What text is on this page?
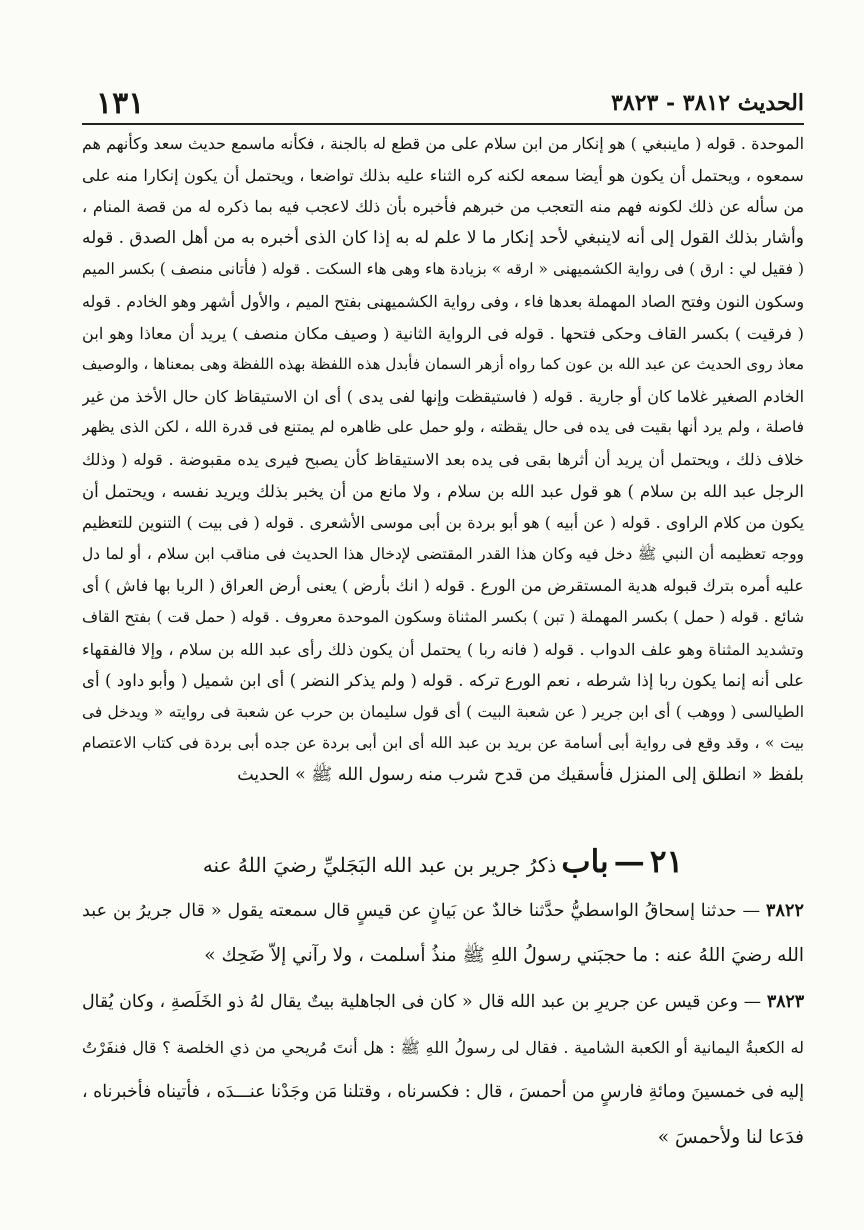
الحديث ٣٨١٢ - ٣٨٢٣
١٣١
الموحدة . قوله ( ماينبغي ) هو إنكار من ابن سلام على من قطع له بالجنة ، فكأنه ماسمع حديث سعد وكأنهم هم
سمعوه ، ويحتمل أن يكون هو أيضا سمعه لكنه كره الثناء عليه بذلك تواضعا ، ويحتمل أن يكون إنكارا منه على
من سأله عن ذلك لكونه فهم منه التعجب من خبرهم فأخبره بأن ذلك لاعجب فيه بما ذكره له من قصة المنام ،
وأشار بذلك القول إلى أنه لاينبغي لأحد إنكار ما لا علم له به إذا كان الذى أخبره به من أهل الصدق . قوله
( فقيل لي : ارق ) فى رواية الكشميهنى « ارقه » بزيادة هاء وهى هاء السكت . قوله ( فأتانى منصف ) بكسر الميم
وسكون النون وفتح الصاد المهملة بعدها فاء ، وفى رواية الكشميهنى بفتح الميم ، والأول أشهر وهو الخادم . قوله
( فرقيت ) بكسر القاف وحكى فتحها . قوله فى الرواية الثانية ( وصيف مكان منصف ) يريد أن معاذا وهو ابن
معاذ روى الحديث عن عبد الله بن عون كما رواه أزهر السمان فأبدل هذه اللفظة بهذه اللفظة وهى بمعناها ، والوصيف
الخادم الصغير غلاما كان أو جارية . قوله ( فاستيقظت وإنها لفى يدى ) أى ان الاستيقاظ كان حال الأخذ من غير
فاصلة ، ولم يرد أنها بقيت فى يده فى حال يقظته ، ولو حمل على ظاهره لم يمتنع فى قدرة الله ، لكن الذى يظهر
خلاف ذلك ، ويحتمل أن يريد أن أثرها بقى فى يده بعد الاستيقاظ كأن يصبح فيرى يده مقبوضة . قوله ( وذلك
الرجل عبد الله بن سلام ) هو قول عبد الله بن سلام ، ولا مانع من أن يخبر بذلك ويريد نفسه ، ويحتمل أن
يكون من كلام الراوى . قوله ( عن أبيه ) هو أبو بردة بن أبى موسى الأشعرى . قوله ( فى بيت ) التنوين للتعظيم
ووجه تعظيمه أن النبي ﷺ دخل فيه وكان هذا القدر المقتضى لإدخال هذا الحديث فى مناقب ابن سلام ، أو لما دل
عليه أمره بترك قبوله هدية المستقرض من الورع . قوله ( انك بأرض ) يعنى أرض العراق ( الربا بها فاش ) أى
شائع . قوله ( حمل ) بكسر المهملة ( تبن ) بكسر المثناة وسكون الموحدة معروف . قوله ( حمل قت ) بفتح القاف
وتشديد المثناة وهو علف الدواب . قوله ( فانه ربا ) يحتمل أن يكون ذلك رأى عبد الله بن سلام ، وإلا فالفقهاء
على أنه إنما يكون ربا إذا شرطه ، نعم الورع تركه . قوله ( ولم يذكر النضر ) أى ابن شميل ( وأبو داود ) أى
الطيالسى ( ووهب ) أى ابن جرير ( عن شعبة البيت ) أى قول سليمان بن حرب عن شعبة فى روايته « ويدخل فى
بيت » ، وقد وقع فى رواية أبى أسامة عن بريد بن عبد الله أى ابن أبى بردة عن جده أبى بردة فى كتاب الاعتصام
بلفظ « انطلق إلى المنزل فأسقيك من قدح شرب منه رسول الله ﷺ » الحديث
٢١ — باب ذكرُ جرير بن عبد الله البَجَليِّ رضيَ اللهُ عنه
٣٨٢٢ — حدثنا إسحاقُ الواسطيُّ حدَّثنا خالدٌ عن بَيانٍ عن قيسٍ قال سمعته يقول « قال جريرُ بن عبد
الله رضيَ اللهُ عنه : ما حجبَني رسولُ اللهِ ﷺ منذُ أسلمت ، ولا رآني إلاّ ضَحِك »
٣٨٢٣ — وعن قيس عن جريرِ بن عبد الله قال « كان فى الجاهلية بيتٌ يقال لهُ ذو الخَلَصةِ ، وكان يُقال
له الكعبةُ اليمانية أو الكعبة الشامية . فقال لى رسولُ اللهِ ﷺ : هل أنتَ مُريحي من ذي الخلصة ؟ قال فنفَرْتُ
إليه فى خمسينَ ومائةِ فارسٍ من أحمسَ ، قال : فكسرناه ، وقتلنا مَن وجَدْنا عنـــدَه ، فأتيناه فأخبرناه ،
فدَعا لنا ولأحمسَ »
